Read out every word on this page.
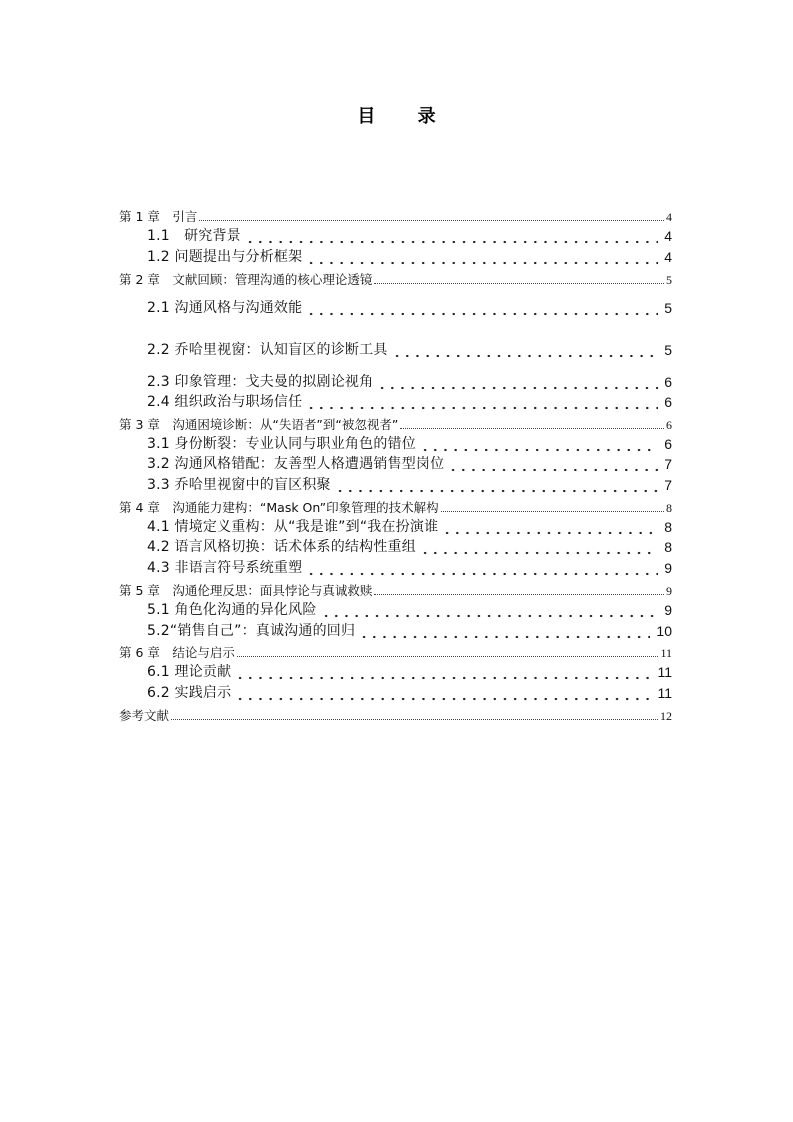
目 录
第 1 章　引言	4
1.1　研究背景	4
1.2 问题提出与分析框架	4
第 2 章　文献回顾：管理沟通的核心理论透镜	5
2.1 沟通风格与沟通效能	5
2.2 乔哈里视窗：认知盲区的诊断工具	5
2.3 印象管理：戈夫曼的拟剧论视角	6
2.4 组织政治与职场信任	6
第 3 章　沟通困境诊断：从“失语者”到“被忽视者”	6
3.1 身份断裂：专业认同与职业角色的错位	6
3.2 沟通风格错配：友善型人格遭遇销售型岗位	7
3.3 乔哈里视窗中的盲区积聚	7
第 4 章　沟通能力建构：“Mask On”印象管理的技术解构	8
4.1 情境定义重构：从“我是谁”到“我在扮演谁	8
4.2 语言风格切换：话术体系的结构性重组	8
4.3 非语言符号系统重塑	9
第 5 章　沟通伦理反思：面具悖论与真诚救赎	9
5.1 角色化沟通的异化风险	9
5.2“销售自己”：真诚沟通的回归	10
第 6 章　结论与启示	11
6.1 理论贡献	11
6.2 实践启示	11
参考文献	12
